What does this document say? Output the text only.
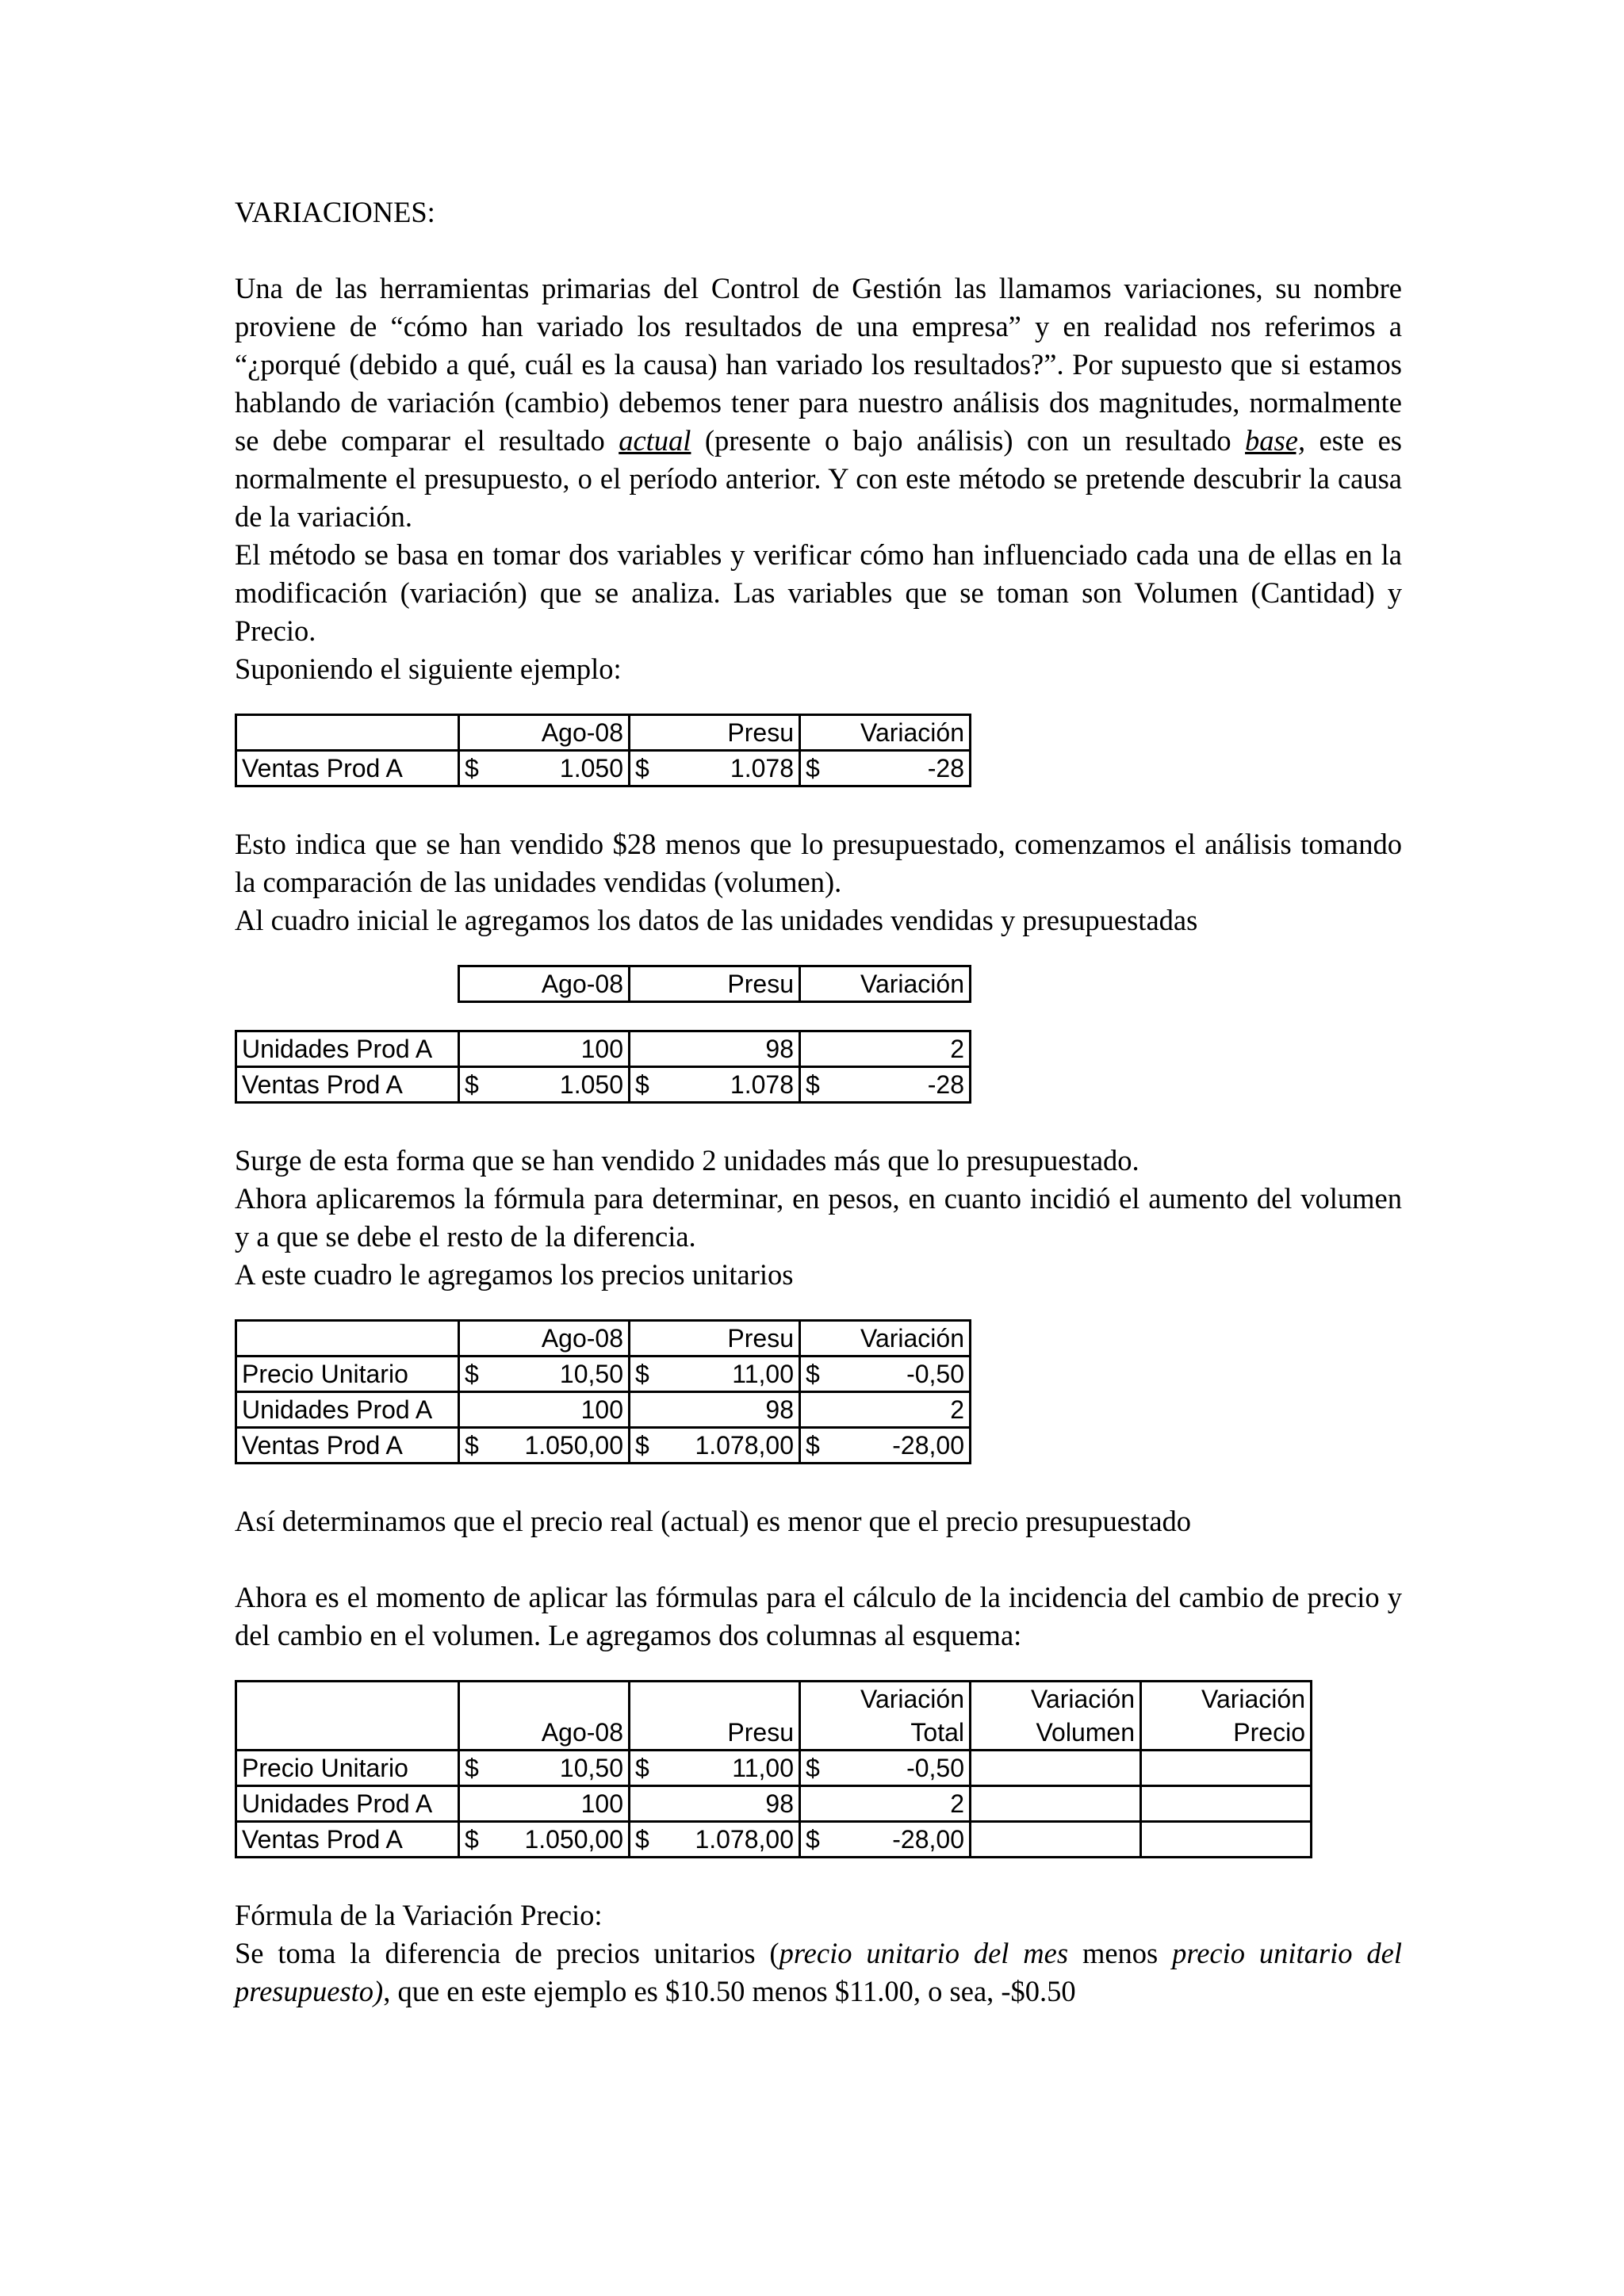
VARIACIONES:

Una de las herramientas primarias del Control de Gestión las llamamos variaciones, su nombre proviene de “cómo han variado los resultados de una empresa” y en realidad nos referimos a “¿porqué (debido a qué, cuál es la causa) han variado los resultados?”. Por supuesto que si estamos hablando de variación (cambio) debemos tener para nuestro análisis dos magnitudes, normalmente se debe comparar el resultado actual (presente o bajo análisis) con un resultado base, este es normalmente el presupuesto, o el período anterior. Y con este método se pretende descubrir la causa de la variación.

El método se basa en tomar dos variables y verificar cómo han influenciado cada una de ellas en la modificación (variación) que se analiza. Las variables que se toman son Volumen (Cantidad) y Precio.

Suponiendo el siguiente ejemplo:

		Ago-08		Presu		Variación
Ventas Prod A	$	1.050	$	1.078	$	-28

Esto indica que se han vendido $28 menos que lo presupuestado, comenzamos el análisis tomando la comparación de las unidades vendidas (volumen).

Al cuadro inicial le agregamos los datos de las unidades vendidas y presupuestadas

		Ago-08		Presu		Variación

Unidades Prod A		100		98		2
Ventas Prod A	$	1.050	$	1.078	$	-28

Surge de esta forma que se han vendido 2 unidades más que lo presupuestado.

Ahora aplicaremos la fórmula para determinar, en pesos, en cuanto incidió el aumento del volumen y a que se debe el resto de la diferencia.

A este cuadro le agregamos los precios unitarios

		Ago-08		Presu		Variación
Precio Unitario	$	10,50	$	11,00	$	-0,50
Unidades Prod A		100		98		2
Ventas Prod A	$	1.050,00	$	1.078,00	$	-28,00

Así determinamos que el precio real (actual) es menor que el precio presupuestado

Ahora es el momento de aplicar las fórmulas para el cálculo de la incidencia del cambio de precio y del cambio en el volumen. Le agregamos dos columnas al esquema:

						Variación	Variación	Variación
		Ago-08		Presu		Total	Volumen	Precio
Precio Unitario	$	10,50	$	11,00	$	-0,50		
Unidades Prod A		100		98		2		
Ventas Prod A	$	1.050,00	$	1.078,00	$	-28,00		

Fórmula de la Variación Precio:

Se toma la diferencia de precios unitarios (precio unitario del mes menos precio unitario del presupuesto), que en este ejemplo es $10.50 menos $11.00, o sea, -$0.50
